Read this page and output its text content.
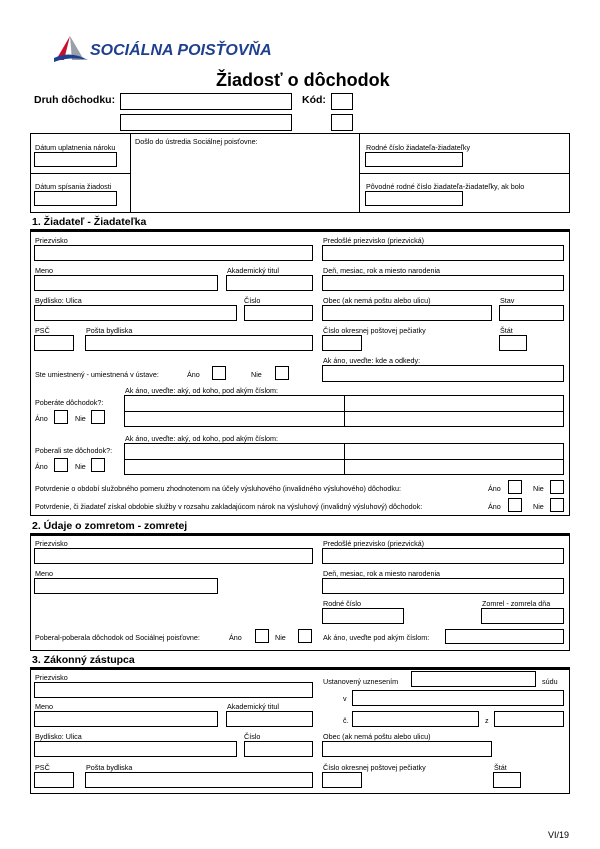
SOCIÁLNA POISŤOVŇA
Žiadosť o dôchodok
Druh dôchodku:	Kód:
Dátum uplatnenia nároku
Došlo do ústredia Sociálnej poisťovne:
Rodné číslo žiadateľa-žiadateľky
Dátum spísania žiadosti	Pôvodné rodné číslo žiadateľa-žiadateľky, ak bolo
1. Žiadateľ - Žiadateľka
Priezvisko	Predošlé priezvisko (priezvická)
Meno	Akademický titul	Deň, mesiac, rok a miesto narodenia
Bydlisko: Ulica	Číslo	Obec (ak nemá poštu alebo ulicu)	Stav
PSČ	Pošta bydliska	Číslo okresnej poštovej pečiatky	Štát
Ak áno, uveďte: kde a odkedy:
Ste umiestnený - umiestnená v ústave:	Áno	Nie
Ak áno, uveďte: aký, od koho, pod akým číslom:
Poberáte dôchodok?:
Áno	Nie
Ak áno, uveďte: aký, od koho, pod akým číslom:
Poberali ste dôchodok?:
Áno	Nie
Potvrdenie o období služobného pomeru zhodnotenom na účely výsluhového (invalidného výsluhového) dôchodku:	Áno	Nie
Potvrdenie, či žiadateľ získal obdobie služby v rozsahu zakladajúcom nárok na výsluhový (invalidný výsluhový) dôchodok:	Áno	Nie
2. Údaje o zomretom - zomretej
Priezvisko	Predošlé priezvisko (priezvická)
Meno	Deň, mesiac, rok a miesto narodenia
Rodné číslo	Zomrel - zomrela dňa
Poberal-poberala dôchodok od Sociálnej poisťovne:	Áno	Nie	Ak áno, uveďte pod akým číslom:
3. Zákonný zástupca
Priezvisko	Ustanovený uznesením	súdu
v
Meno	Akademický titul
č.	z
Bydlisko: Ulica	Číslo	Obec (ak nemá poštu alebo ulicu)
PSČ	Pošta bydliska	Číslo okresnej poštovej pečiatky	Štát
VI/19
